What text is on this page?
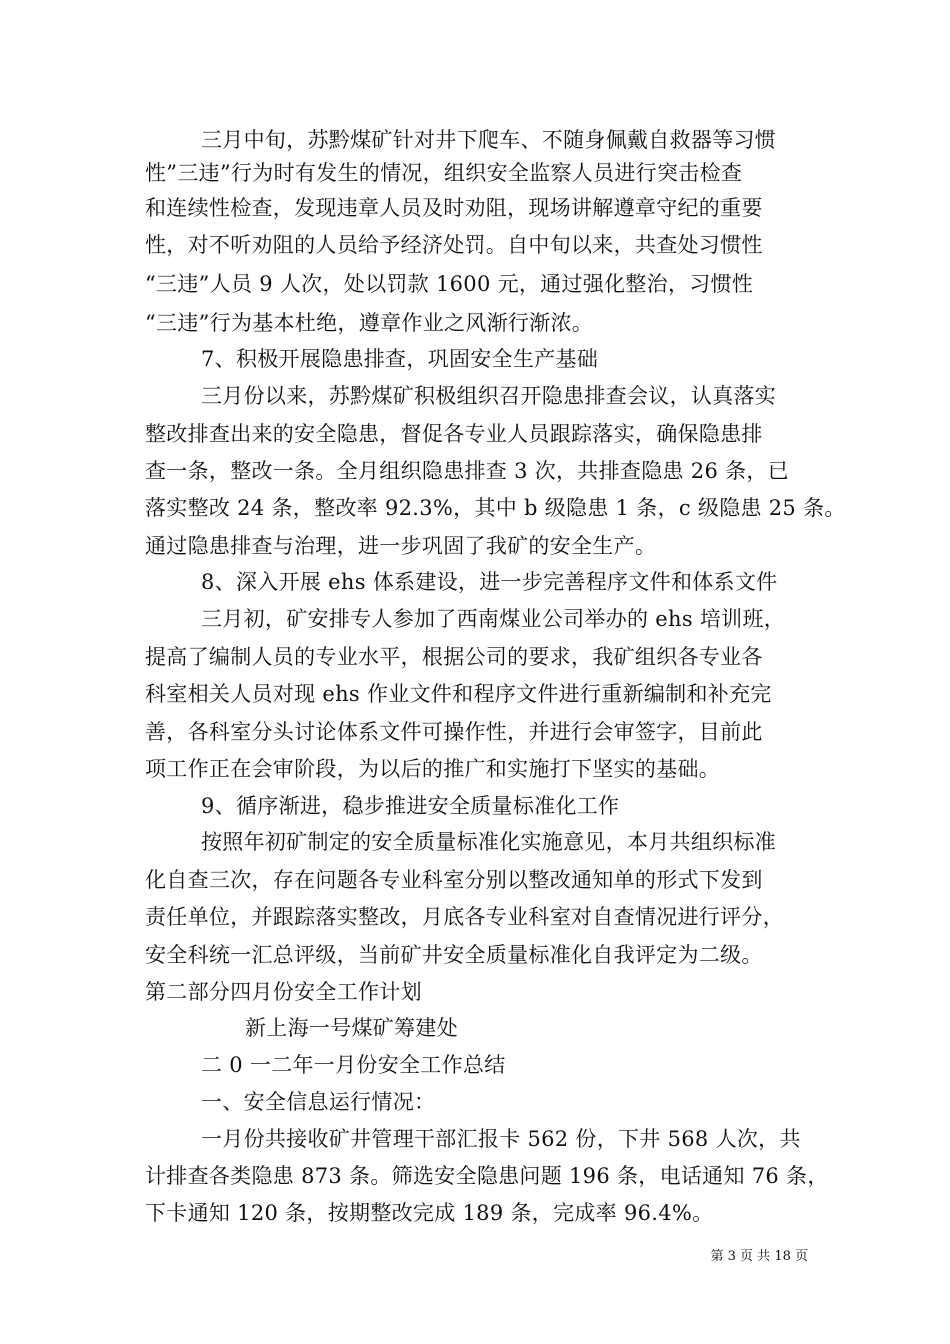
三月中旬，苏黔煤矿针对井下爬车、不随身佩戴自救器等习惯
性”三违”行为时有发生的情况，组织安全监察人员进行突击检查
和连续性检查，发现违章人员及时劝阻，现场讲解遵章守纪的重要
性，对不听劝阻的人员给予经济处罚。自中旬以来，共查处习惯性
“三违”人员 9 人次，处以罚款 1600 元，通过强化整治，习惯性
“三违”行为基本杜绝，遵章作业之风渐行渐浓。
7、积极开展隐患排查，巩固安全生产基础
三月份以来，苏黔煤矿积极组织召开隐患排查会议，认真落实
整改排查出来的安全隐患，督促各专业人员跟踪落实，确保隐患排
查一条，整改一条。全月组织隐患排查 3 次，共排查隐患 26 条，已
落实整改 24 条，整改率 92.3%，其中 b 级隐患 1 条，c 级隐患 25 条。
通过隐患排查与治理，进一步巩固了我矿的安全生产。
8、深入开展 ehs 体系建设，进一步完善程序文件和体系文件
三月初，矿安排专人参加了西南煤业公司举办的 ehs 培训班，
提高了编制人员的专业水平，根据公司的要求，我矿组织各专业各
科室相关人员对现 ehs 作业文件和程序文件进行重新编制和补充完
善，各科室分头讨论体系文件可操作性，并进行会审签字，目前此
项工作正在会审阶段，为以后的推广和实施打下坚实的基础。
9、循序渐进，稳步推进安全质量标准化工作
按照年初矿制定的安全质量标准化实施意见，本月共组织标准
化自查三次，存在问题各专业科室分别以整改通知单的形式下发到
责任单位，并跟踪落实整改，月底各专业科室对自查情况进行评分，
安全科统一汇总评级，当前矿井安全质量标准化自我评定为二级。
第二部分四月份安全工作计划
新上海一号煤矿筹建处
二 0 一二年一月份安全工作总结
一、安全信息运行情况：
一月份共接收矿井管理干部汇报卡 562 份，下井 568 人次，共
计排查各类隐患 873 条。筛选安全隐患问题 196 条，电话通知 76 条，
下卡通知 120 条，按期整改完成 189 条，完成率 96.4%。
第 3 页 共 18 页
